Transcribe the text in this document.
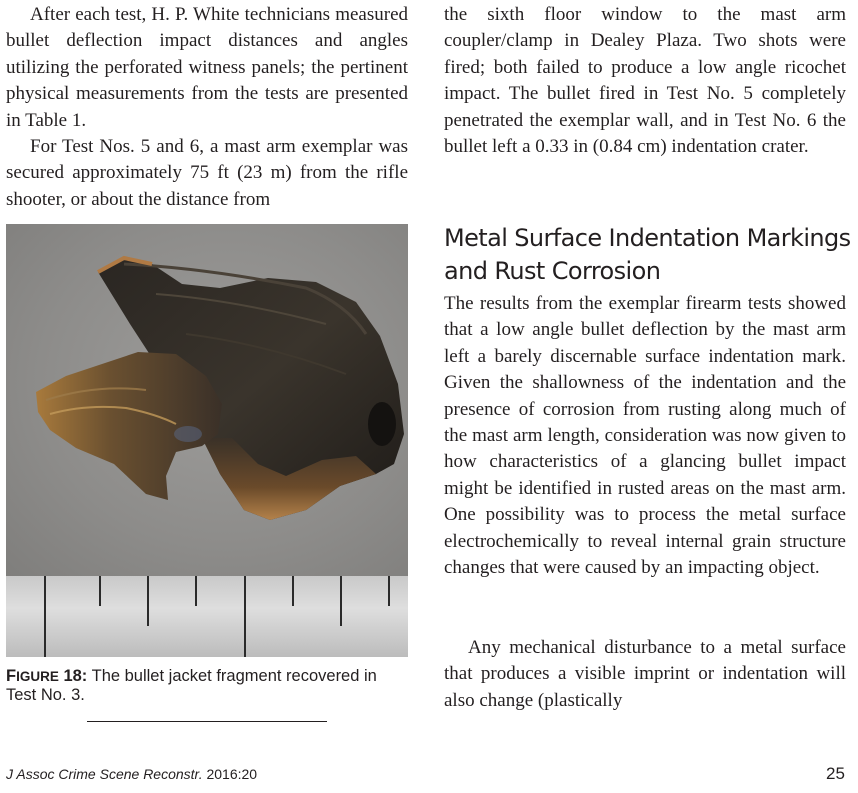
After each test, H. P. White technicians measured bullet deflection impact distances and angles utilizing the perforated witness panels; the pertinent physical measurements from the tests are presented in Table 1.

For Test Nos. 5 and 6, a mast arm exemplar was secured approximately 75 ft (23 m) from the rifle shooter, or about the distance from

FIGURE 18: The bullet jacket fragment recovered in Test No. 3.

the sixth floor window to the mast arm coupler/clamp in Dealey Plaza. Two shots were fired; both failed to produce a low angle ricochet impact. The bullet fired in Test No. 5 completely penetrated the exemplar wall, and in Test No. 6 the bullet left a 0.33 in (0.84 cm) indentation crater.

Metal Surface Indentation Markings and Rust Corrosion

The results from the exemplar firearm tests showed that a low angle bullet deflection by the mast arm left a barely discernable surface indentation mark. Given the shallowness of the indentation and the presence of corrosion from rusting along much of the mast arm length, consideration was now given to how characteristics of a glancing bullet impact might be identified in rusted areas on the mast arm. One possibility was to process the metal surface electrochemically to reveal internal grain structure changes that were caused by an impacting object.

Any mechanical disturbance to a metal surface that produces a visible imprint or indentation will also change (plastically

J Assoc Crime Scene Reconstr. 2016:20	25
